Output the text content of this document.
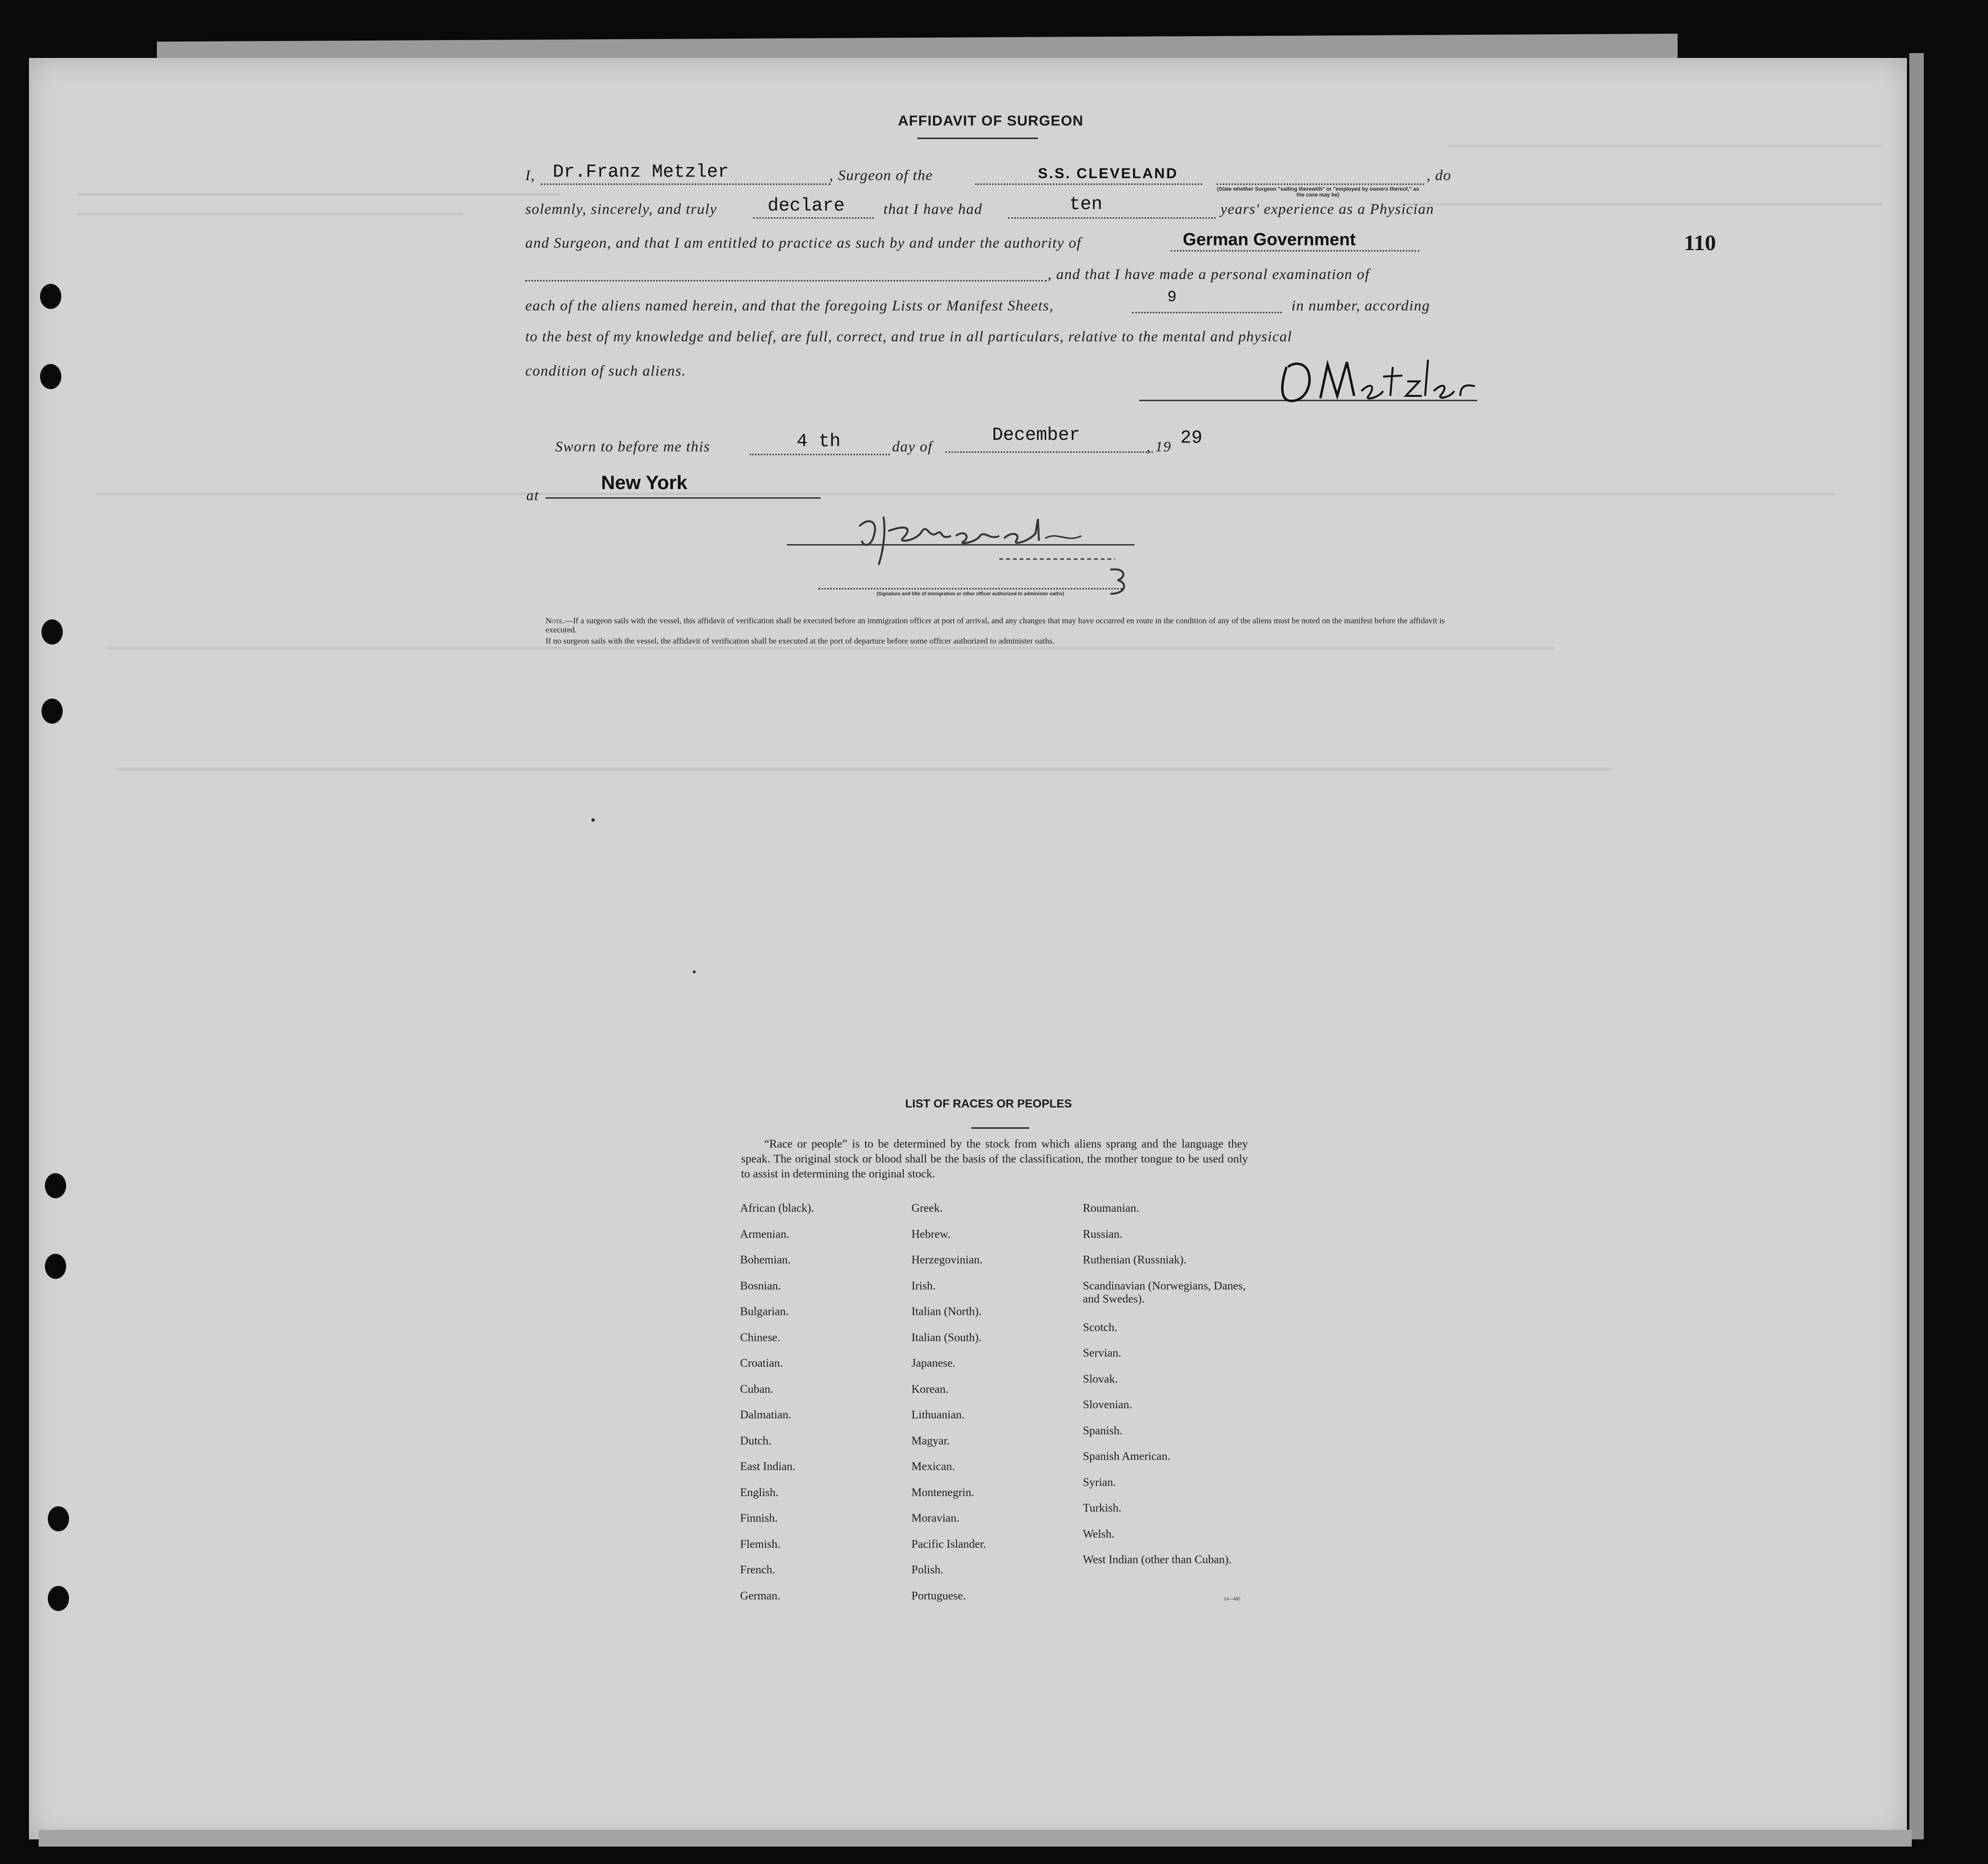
110
AFFIDAVIT OF SURGEON
I, Dr.Franz Metzler	, Surgeon of the	S.S. CLEVELAND
(State whether Surgeon "sailing therewith" or "employed by owners thereof," as the case may be)
, do
solemnly, sincerely, and truly	declare	that I have had	ten	years' experience as a Physician
and Surgeon, and that I am entitled to practice as such by and under the authority of	German Government
, and that I have made a personal examination of
each of the aliens named herein, and that the foregoing Lists or Manifest Sheets,	9	in number, according
to the best of my knowledge and belief, are full, correct, and true in all particulars, relative to the mental and physical
condition of such aliens.
Sworn to before me this	4 th	day of
December
, 19 29
at
New York
(Signature and title of immigration or other officer authorized to administer oaths)
Note.—If a surgeon sails with the vessel, this affidavit of verification shall be executed before an immigration officer at port of arrival, and any changes that may have occurred en route in the condition of any of the aliens must be noted on the manifest before the affidavit is executed.
If no surgeon sails with the vessel, the affidavit of verification shall be executed at the port of departure before some officer authorized to administer oaths.
LIST OF RACES OR PEOPLES
“Race or people” is to be determined by the stock from which aliens sprang and the language they speak. The original stock or blood shall be the basis of the classification, the mother tongue to be used only to assist in determining the original stock.
African (black).
Armenian.
Bohemian.
Bosnian.
Bulgarian.
Chinese.
Croatian.
Cuban.
Dalmatian.
Dutch.
East Indian.
English.
Finnish.
Flemish.
French.
German.
Greek.
Hebrew.
Herzegovinian.
Irish.
Italian (North).
Italian (South).
Japanese.
Korean.
Lithuanian.
Magyar.
Mexican.
Montenegrin.
Moravian.
Pacific Islander.
Polish.
Portuguese.
Roumanian.
Russian.
Ruthenian (Russniak).
Scandinavian (Norwegians, Danes, and Swedes).
Scotch.
Servian.
Slovak.
Slovenian.
Spanish.
Spanish American.
Syrian.
Turkish.
Welsh.
West Indian (other than Cuban).
14—480
